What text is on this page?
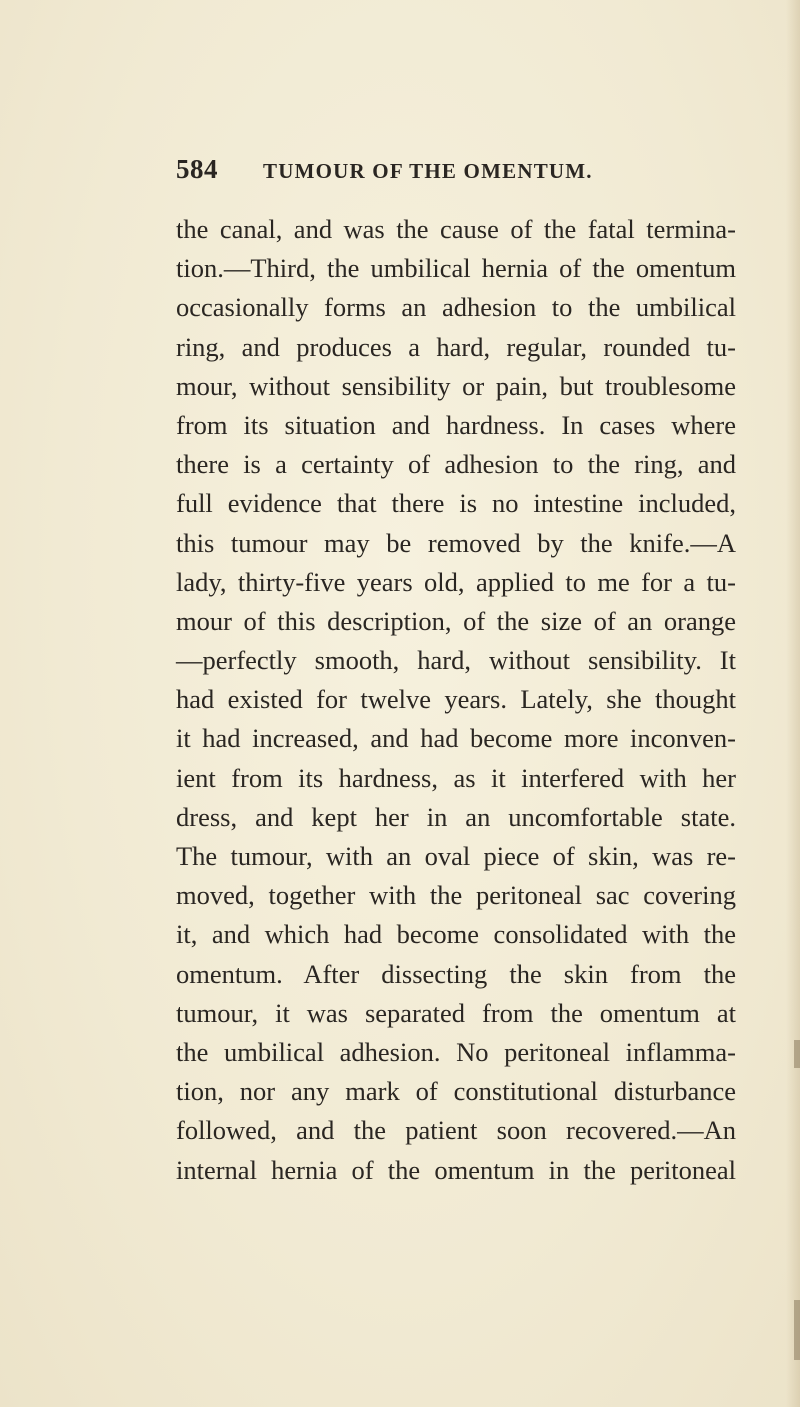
584 TUMOUR OF THE OMENTUM.
the canal, and was the cause of the fatal termina-
tion.—Third, the umbilical hernia of the omentum
occasionally forms an adhesion to the umbilical
ring, and produces a hard, regular, rounded tu-
mour, without sensibility or pain, but troublesome
from its situation and hardness. In cases where
there is a certainty of adhesion to the ring, and
full evidence that there is no intestine included,
this tumour may be removed by the knife.—A
lady, thirty-five years old, applied to me for a tu-
mour of this description, of the size of an orange
—perfectly smooth, hard, without sensibility. It
had existed for twelve years. Lately, she thought
it had increased, and had become more inconven-
ient from its hardness, as it interfered with her
dress, and kept her in an uncomfortable state.
The tumour, with an oval piece of skin, was re-
moved, together with the peritoneal sac covering
it, and which had become consolidated with the
omentum. After dissecting the skin from the
tumour, it was separated from the omentum at
the umbilical adhesion. No peritoneal inflamma-
tion, nor any mark of constitutional disturbance
followed, and the patient soon recovered.—An
internal hernia of the omentum in the peritoneal
